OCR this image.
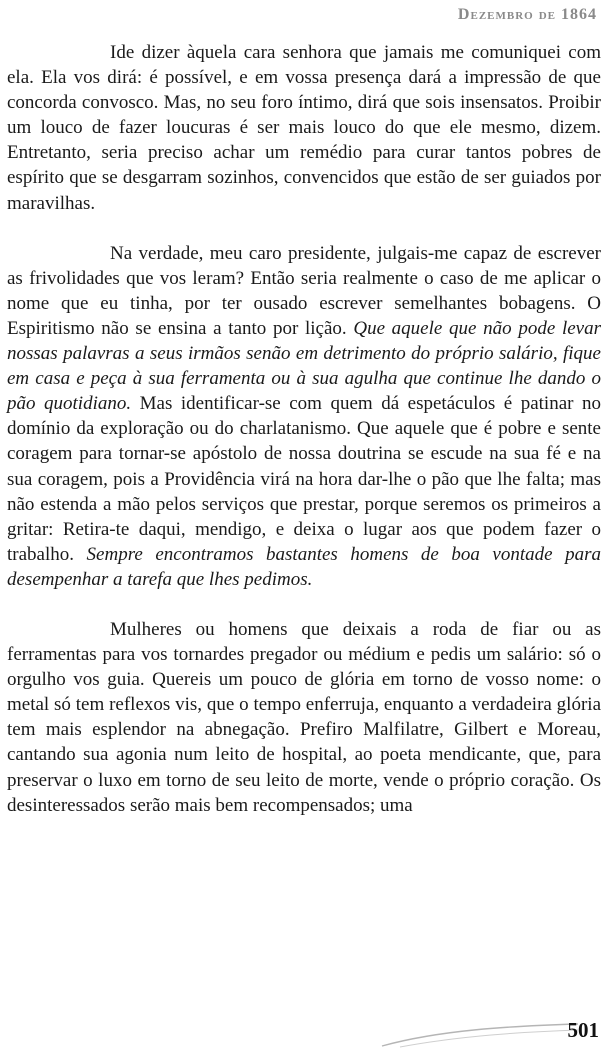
Dezembro de 1864

Ide dizer àquela cara senhora que jamais me comuniquei com ela. Ela vos dirá: é possível, e em vossa presença dará a impressão de que concorda convosco. Mas, no seu foro íntimo, dirá que sois insensatos. Proibir um louco de fazer loucuras é ser mais louco do que ele mesmo, dizem. Entretanto, seria preciso achar um remédio para curar tantos pobres de espírito que se desgarram sozinhos, convencidos que estão de ser guiados por maravilhas.

Na verdade, meu caro presidente, julgais-me capaz de escrever as frivolidades que vos leram? Então seria realmente o caso de me aplicar o nome que eu tinha, por ter ousado escrever semelhantes bobagens. O Espiritismo não se ensina a tanto por lição. Que aquele que não pode levar nossas palavras a seus irmãos senão em detrimento do próprio salário, fique em casa e peça à sua ferramenta ou à sua agulha que continue lhe dando o pão quotidiano. Mas identificar-se com quem dá espetáculos é patinar no domínio da exploração ou do charlatanismo. Que aquele que é pobre e sente coragem para tornar-se apóstolo de nossa doutrina se escude na sua fé e na sua coragem, pois a Providência virá na hora dar-lhe o pão que lhe falta; mas não estenda a mão pelos serviços que prestar, porque seremos os primeiros a gritar: Retira-te daqui, mendigo, e deixa o lugar aos que podem fazer o trabalho. Sempre encontramos bastantes homens de boa vontade para desempenhar a tarefa que lhes pedimos.

Mulheres ou homens que deixais a roda de fiar ou as ferramentas para vos tornardes pregador ou médium e pedis um salário: só o orgulho vos guia. Quereis um pouco de glória em torno de vosso nome: o metal só tem reflexos vis, que o tempo enferruja, enquanto a verdadeira glória tem mais esplendor na abnegação. Prefiro Malfilatre, Gilbert e Moreau, cantando sua agonia num leito de hospital, ao poeta mendicante, que, para preservar o luxo em torno de seu leito de morte, vende o próprio coração. Os desinteressados serão mais bem recompensados; uma

501
